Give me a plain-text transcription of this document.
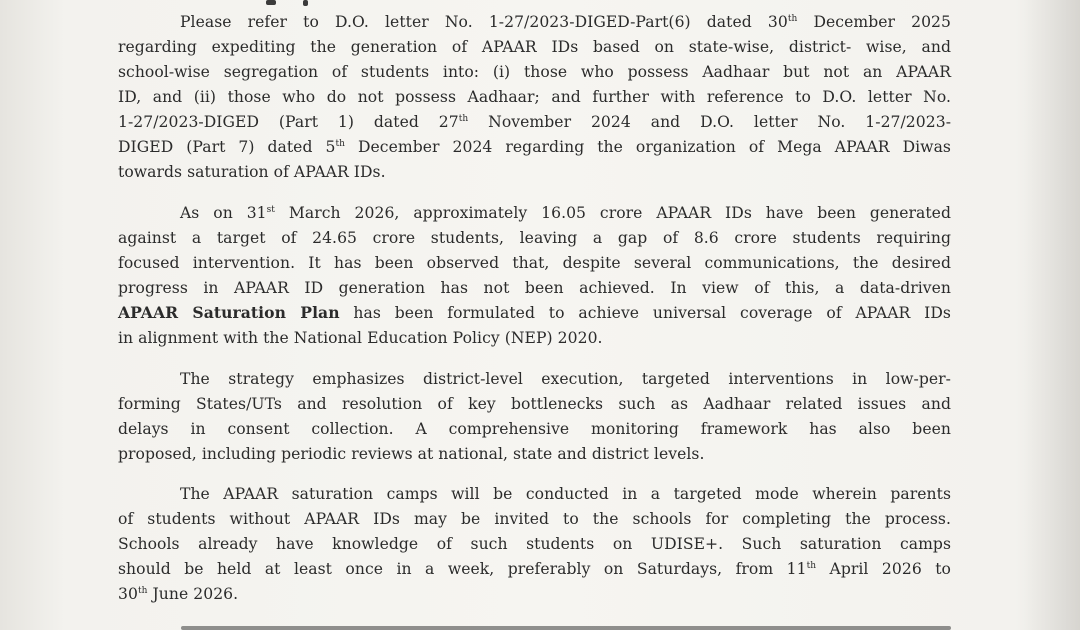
Please refer to D.O. letter No. 1-27/2023-DIGED-Part(6) dated 30th December 2025
regarding expediting the generation of APAAR IDs based on state-wise, district- wise, and
school-wise segregation of students into: (i) those who possess Aadhaar but not an APAAR
ID, and (ii) those who do not possess Aadhaar; and further with reference to D.O. letter No.
1-27/2023-DIGED (Part 1) dated 27th November 2024 and D.O. letter No. 1-27/2023-
DIGED (Part 7) dated 5th December 2024 regarding the organization of Mega APAAR Diwas
towards saturation of APAAR IDs.
As on 31st March 2026, approximately 16.05 crore APAAR IDs have been generated
against a target of 24.65 crore students, leaving a gap of 8.6 crore students requiring
focused intervention. It has been observed that, despite several communications, the desired
progress in APAAR ID generation has not been achieved. In view of this, a data-driven
APAAR Saturation Plan has been formulated to achieve universal coverage of APAAR IDs
in alignment with the National Education Policy (NEP) 2020.
The strategy emphasizes district-level execution, targeted interventions in low-per-
forming States/UTs and resolution of key bottlenecks such as Aadhaar related issues and
delays in consent collection. A comprehensive monitoring framework has also been
proposed, including periodic reviews at national, state and district levels.
The APAAR saturation camps will be conducted in a targeted mode wherein parents
of students without APAAR IDs may be invited to the schools for completing the process.
Schools already have knowledge of such students on UDISE+. Such saturation camps
should be held at least once in a week, preferably on Saturdays, from 11th April 2026 to
30th June 2026.
